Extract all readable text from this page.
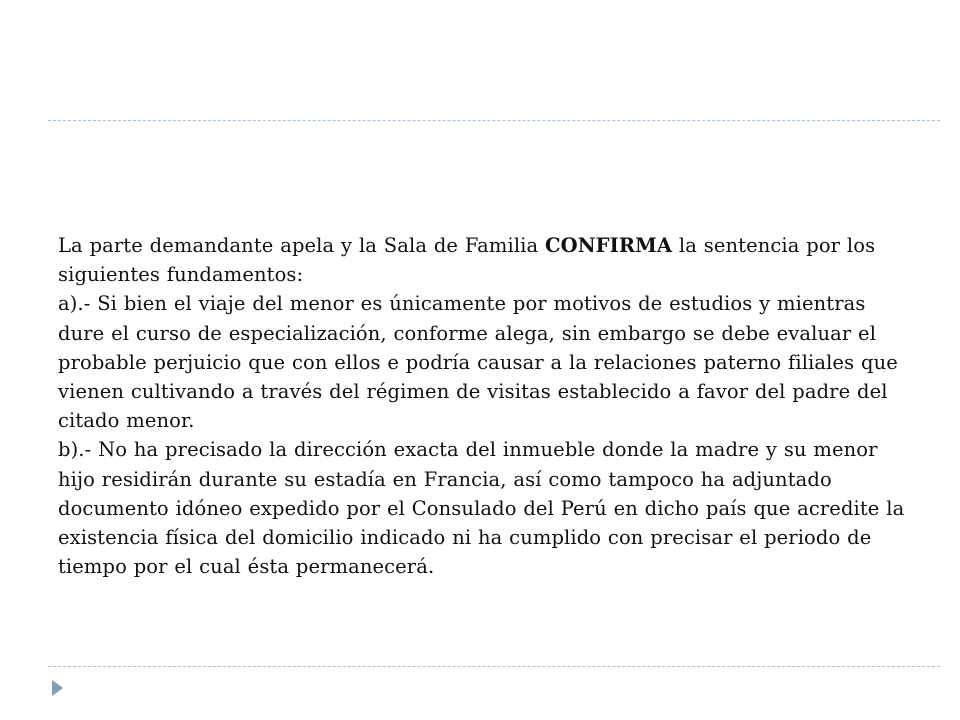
La parte demandante apela y la Sala de Familia CONFIRMA la sentencia por los siguientes fundamentos:

a).- Si bien el viaje del menor es únicamente por motivos de estudios y mientras dure el curso de especialización, conforme alega, sin embargo se debe evaluar el probable perjuicio que con ellos e podría causar a la relaciones paterno filiales que vienen cultivando a través del régimen de visitas establecido a favor del padre del citado menor.

b).- No ha precisado la dirección exacta del inmueble donde la madre y su menor hijo residirán durante su estadía en Francia, así como tampoco ha adjuntado documento idóneo expedido por el Consulado del Perú en dicho país que acredite la existencia física del domicilio indicado ni ha cumplido con precisar el periodo de tiempo por el cual ésta permanecerá.
